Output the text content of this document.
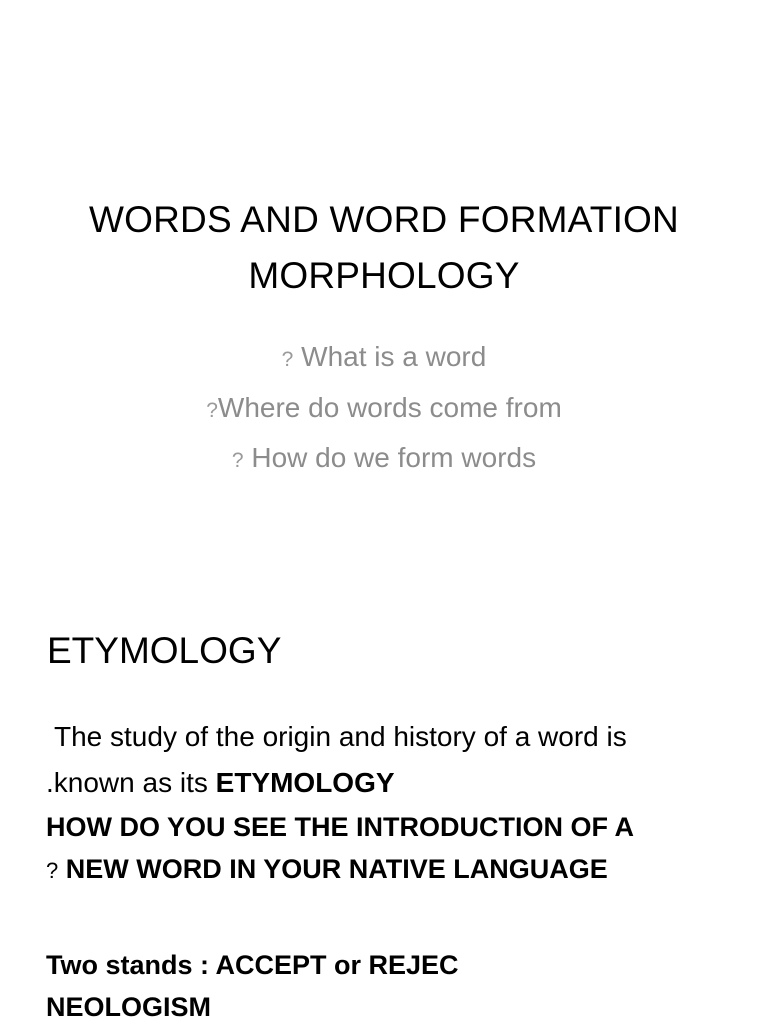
WORDS AND WORD FORMATION
MORPHOLOGY
? What is a word
?Where do words come from
? How do we form words
ETYMOLOGY
The study of the origin and history of a word is
.known as its ETYMOLOGY
HOW DO YOU SEE THE INTRODUCTION OF A
? NEW WORD IN YOUR NATIVE LANGUAGE
Two stands : ACCEPT or REJEC
NEOLOGISM
